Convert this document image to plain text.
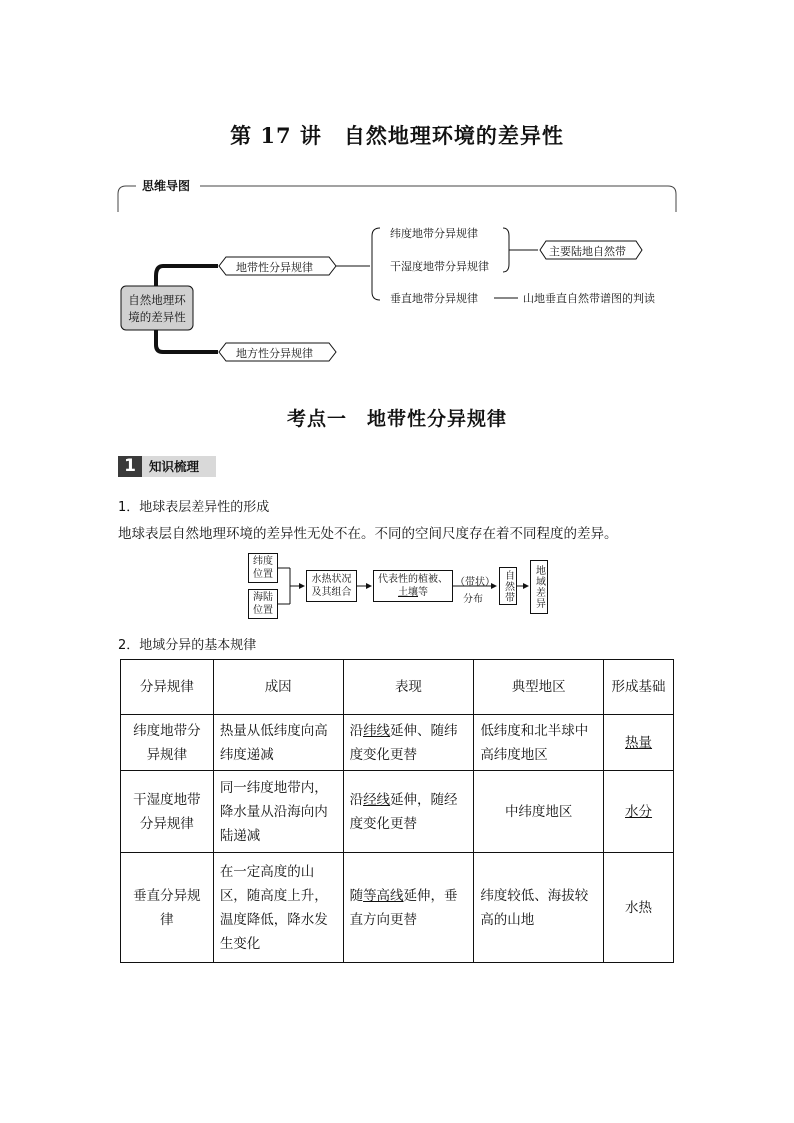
第 17 讲　自然地理环境的差异性
思维导图
自然地理环境的差异性
地带性分异规律
地方性分异规律
纬度地带分异规律
干湿度地带分异规律
垂直地带分异规律
主要陆地自然带
山地垂直自然带谱图的判读
考点一　地带性分异规律
1	知识梳理
1．地球表层差异性的形成
地球表层自然地理环境的差异性无处不在。不同的空间尺度存在着不同程度的差异。
纬度位置
海陆位置
水热状况及其组合
代表性的植被、
土壤等
（带状）
分布 自然带 地域差异
2．地域分异的基本规律
分异规律	成因	表现	典型地区	形成基础
纬度地带分异规律	热量从低纬度向高纬度递减	沿纬线延伸、随纬度变化更替	低纬度和北半球中高纬度地区	热量
干湿度地带分异规律	同一纬度地带内，降水量从沿海向内陆递减	沿经线延伸，随经度变化更替	中纬度地区	水分
垂直分异规律	在一定高度的山区，随高度上升，温度降低，降水发生变化	随等高线延伸，垂直方向更替	纬度较低、海拔较高的山地	水热
